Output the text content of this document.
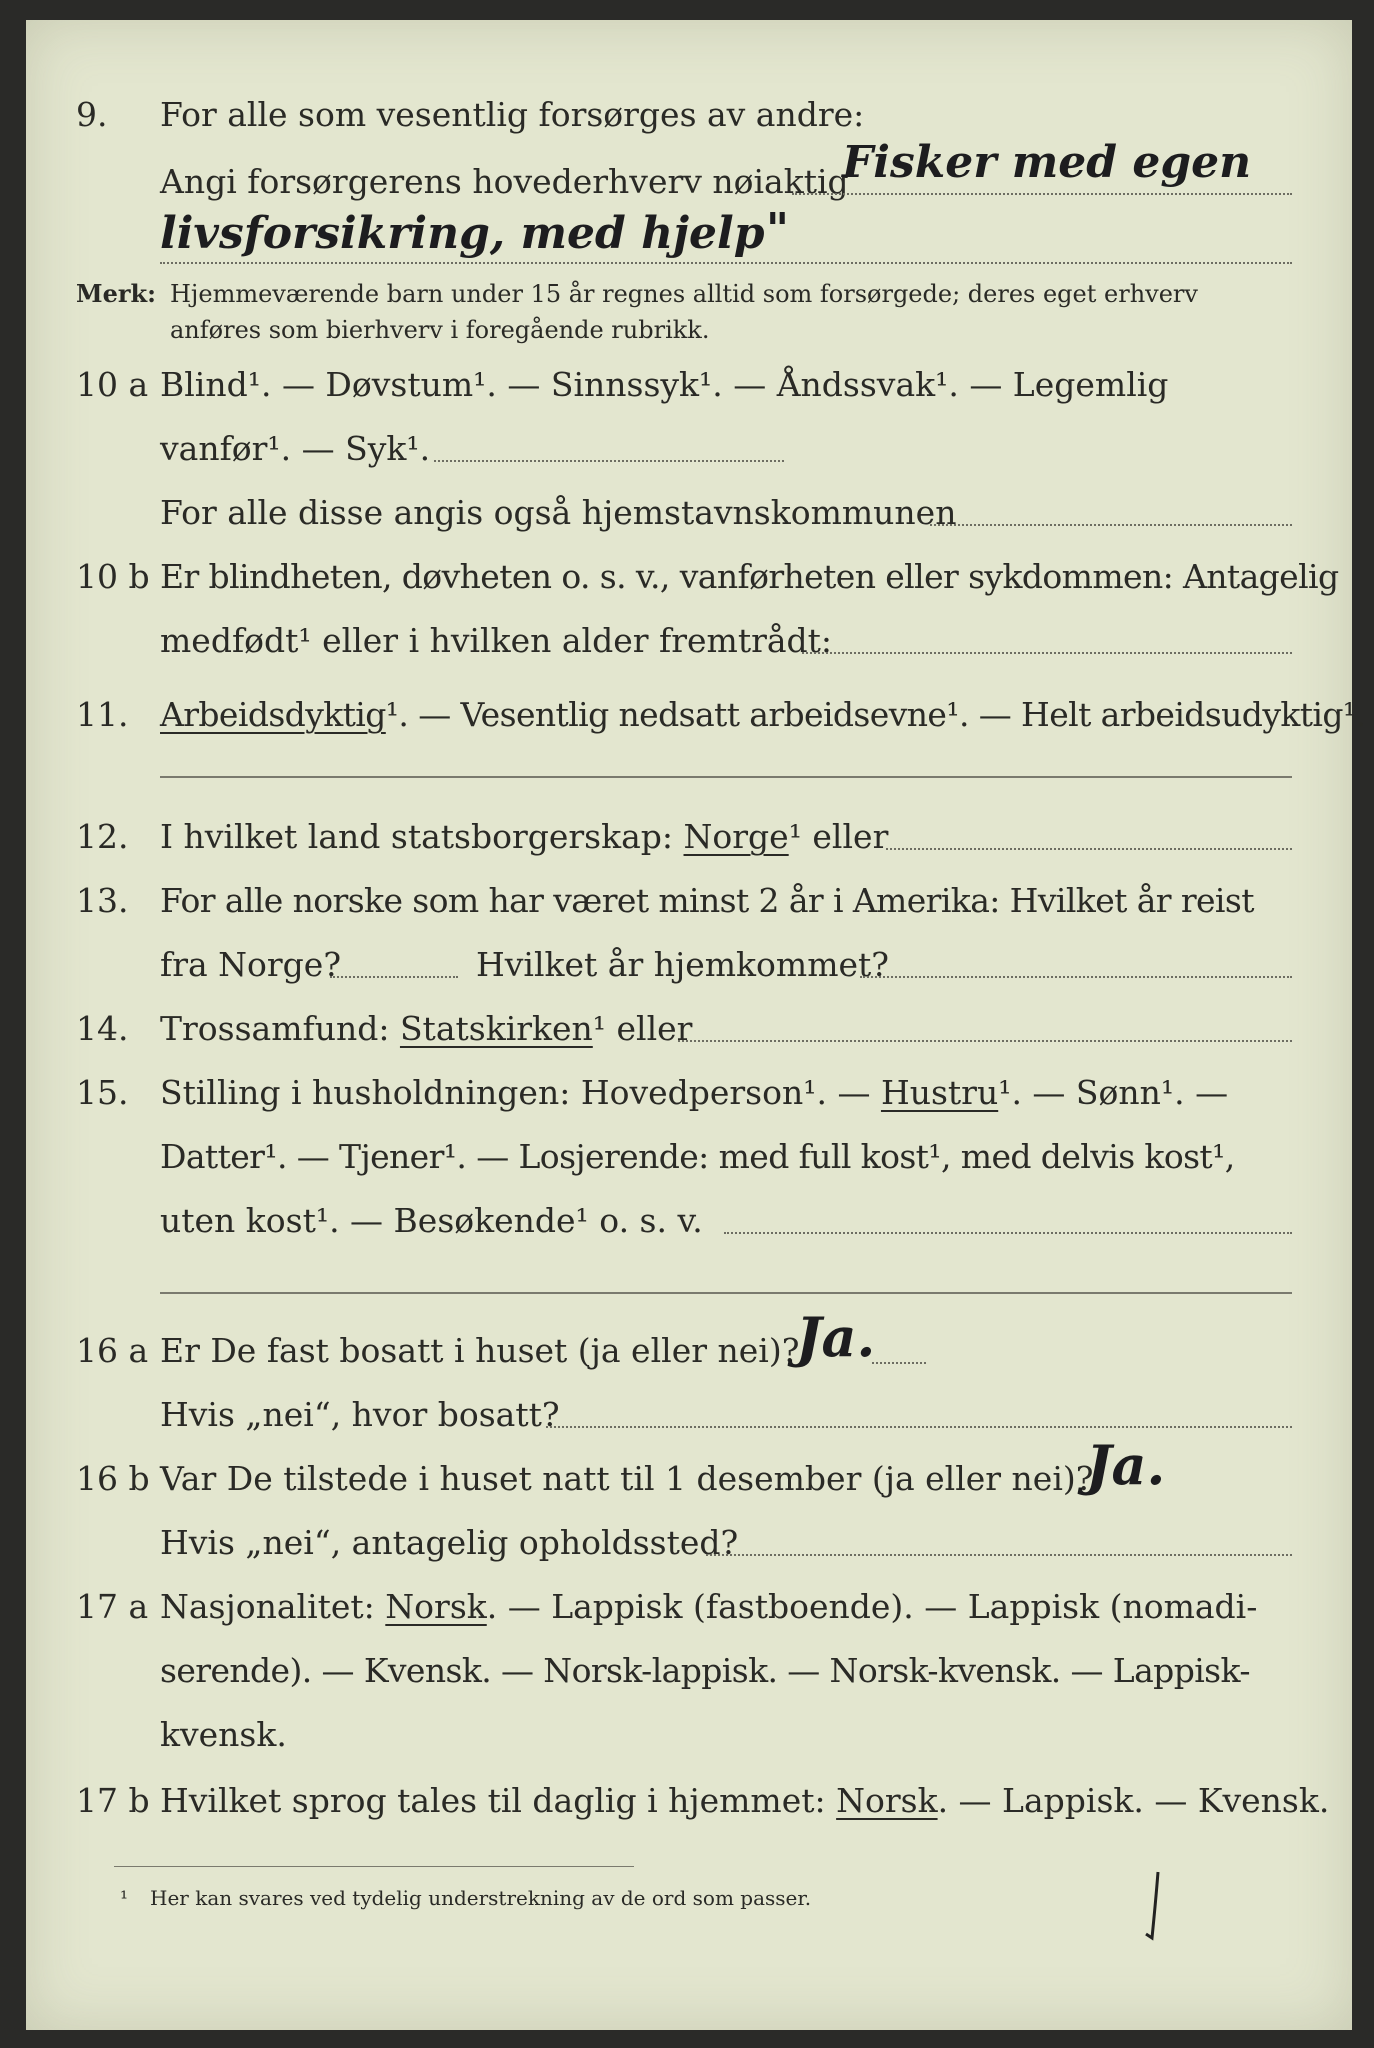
9. For alle som vesentlig forsørges av andre:
Angi forsørgerens hovederhverv nøiaktig
Fisker med egen
livsforsikring, med hjelp "
Merk: Hjemmeværende barn under 15 år regnes alltid som forsørgede; deres eget erhverv
anføres som bierhverv i foregående rubrikk.
10 a Blind¹. — Døvstum¹. — Sinnssyk¹. — Åndssvak¹. — Legemlig
vanfør¹. — Syk¹.
For alle disse angis også hjemstavnskommunen
10 b Er blindheten, døvheten o. s. v., vanførheten eller sykdommen: Antagelig
medfødt¹ eller i hvilken alder fremtrådt:
11. Arbeidsdyktig¹. — Vesentlig nedsatt arbeidsevne¹. — Helt arbeidsudyktig¹.
12. I hvilket land statsborgerskap: Norge¹ eller
13. For alle norske som har været minst 2 år i Amerika: Hvilket år reist
fra Norge?	Hvilket år hjemkommet?
14. Trossamfund: Statskirken¹ eller
15. Stilling i husholdningen: Hovedperson¹. — Hustru¹. — Sønn¹. —
Datter¹. — Tjener¹. — Losjerende: med full kost¹, med delvis kost¹,
uten kost¹. — Besøkende¹ o. s. v.
16 a Er De fast bosatt i huset (ja eller nei)?
Ja.
Hvis „nei“, hvor bosatt?
16 b Var De tilstede i huset natt til 1 desember (ja eller nei)?
Ja.
Hvis „nei“, antagelig opholdssted?
17 a Nasjonalitet: Norsk. — Lappisk (fastboende). — Lappisk (nomadi-
serende). — Kvensk. — Norsk-lappisk. — Norsk-kvensk. — Lappisk-
kvensk.
17 b Hvilket sprog tales til daglig i hjemmet: Norsk. — Lappisk. — Kvensk.
¹ Her kan svares ved tydelig understrekning av de ord som passer.
